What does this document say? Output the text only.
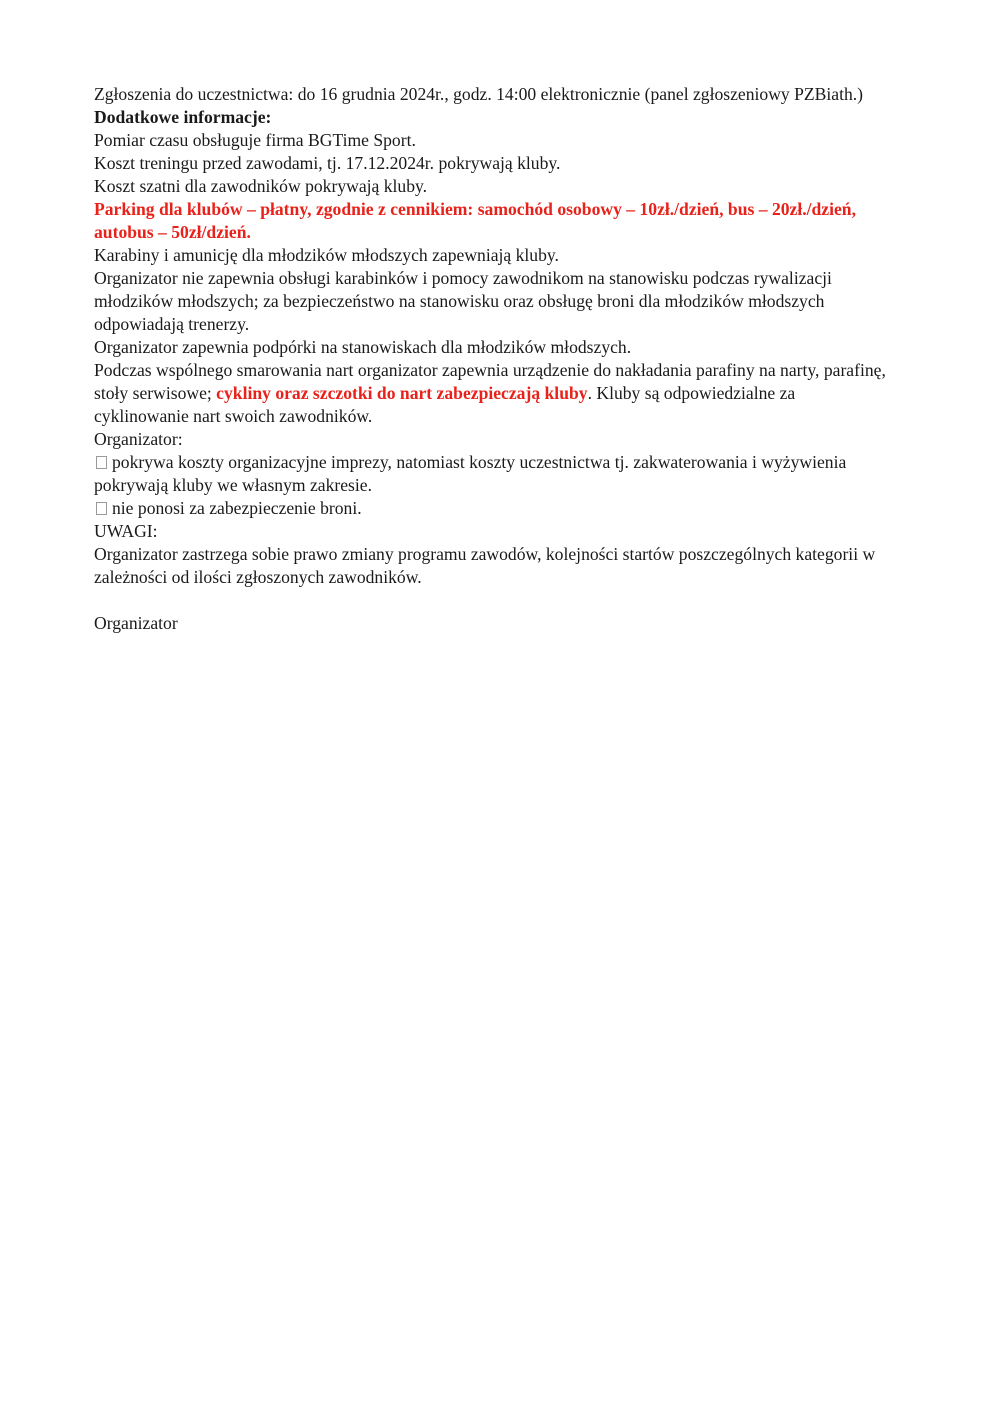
Zgłoszenia do uczestnictwa: do 16 grudnia 2024r., godz. 14:00 elektronicznie (panel zgłoszeniowy PZBiath.)

Dodatkowe informacje:

Pomiar czasu obsługuje firma BGTime Sport.

Koszt treningu przed zawodami, tj. 17.12.2024r. pokrywają kluby.

Koszt szatni dla zawodników pokrywają kluby.

Parking dla klubów – płatny, zgodnie z cennikiem: samochód osobowy – 10zł./dzień, bus – 20zł./dzień, autobus – 50zł/dzień.

Karabiny i amunicję dla młodzików młodszych zapewniają kluby.

Organizator nie zapewnia obsługi karabinków i pomocy zawodnikom na stanowisku podczas rywalizacji młodzików młodszych; za bezpieczeństwo na stanowisku oraz obsługę broni dla młodzików młodszych odpowiadają trenerzy.

Organizator zapewnia podpórki na stanowiskach dla młodzików młodszych.

Podczas wspólnego smarowania nart organizator zapewnia urządzenie do nakładania parafiny na narty, parafinę, stoły serwisowe; cykliny oraz szczotki do nart zabezpieczają kluby. Kluby są odpowiedzialne za cyklinowanie nart swoich zawodników.

Organizator:

pokrywa koszty organizacyjne imprezy, natomiast koszty uczestnictwa tj. zakwaterowania i wyżywienia pokrywają kluby we własnym zakresie.

nie ponosi za zabezpieczenie broni.

UWAGI:

Organizator zastrzega sobie prawo zmiany programu zawodów, kolejności startów poszczególnych kategorii w zależności od ilości zgłoszonych zawodników.

Organizator
